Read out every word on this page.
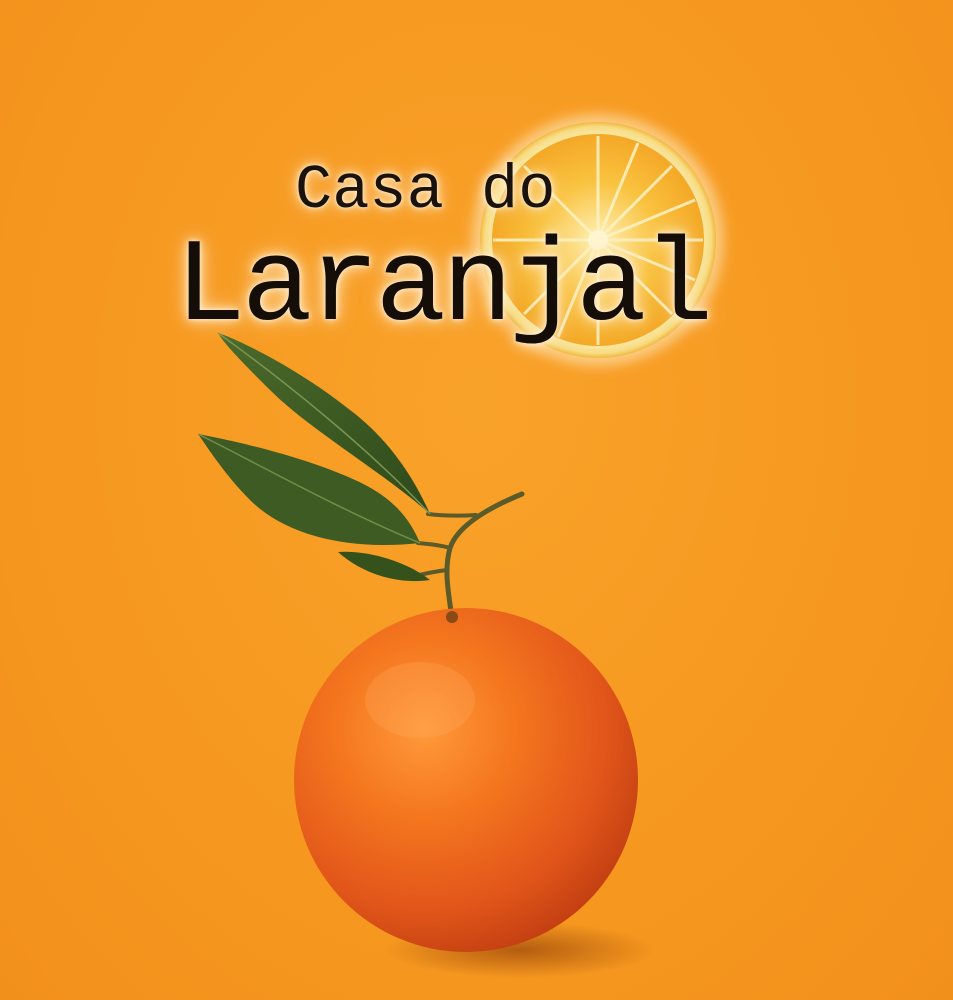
Casa do
Laranjal
